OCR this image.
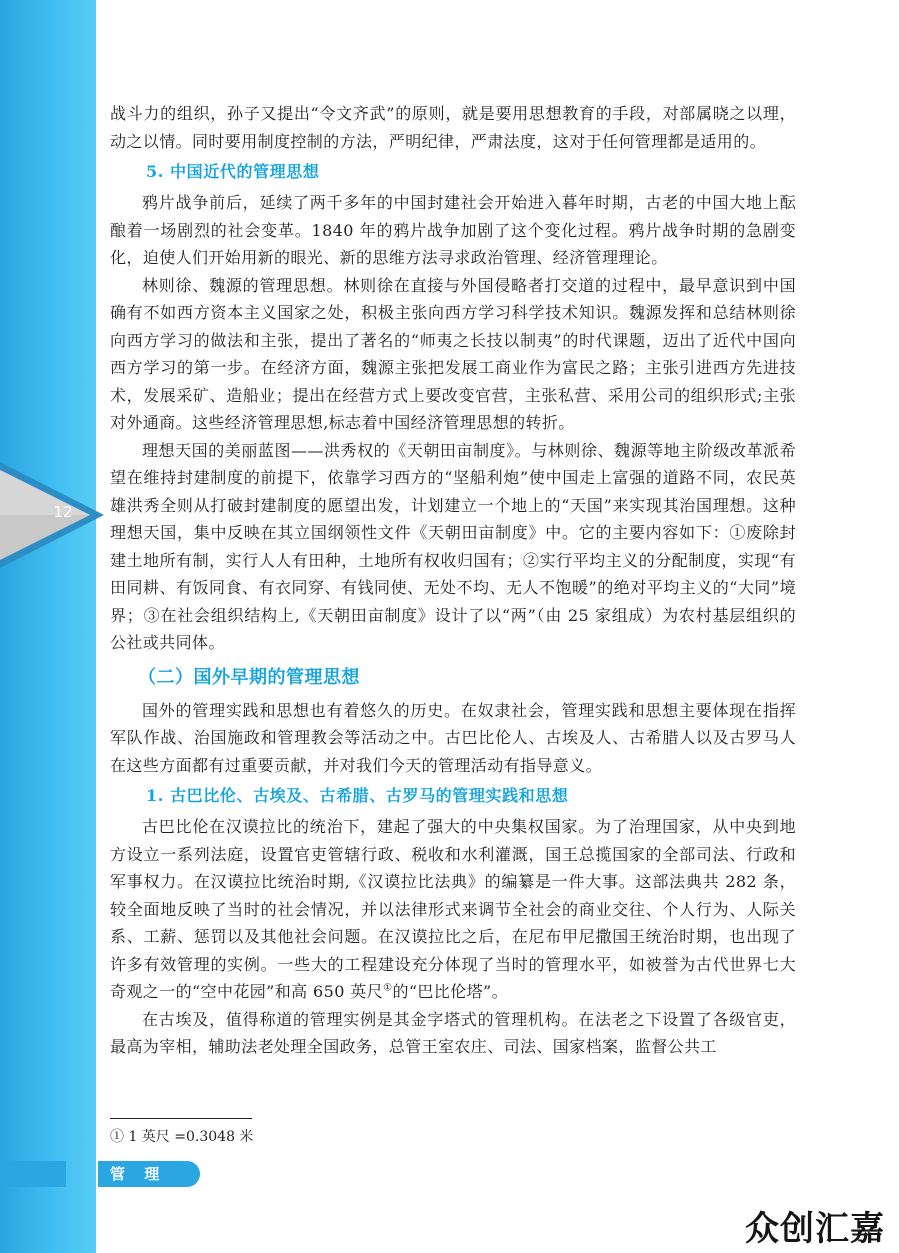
12

战斗力的组织，孙子又提出“令文齐武”的原则，就是要用思想教育的手段，对部属晓之以理，动之以情。同时要用制度控制的方法，严明纪律，严肃法度，这对于任何管理都是适用的。

5. 中国近代的管理思想

鸦片战争前后，延续了两千多年的中国封建社会开始进入暮年时期，古老的中国大地上酝酿着一场剧烈的社会变革。1840 年的鸦片战争加剧了这个变化过程。鸦片战争时期的急剧变化，迫使人们开始用新的眼光、新的思维方法寻求政治管理、经济管理理论。

林则徐、魏源的管理思想。林则徐在直接与外国侵略者打交道的过程中，最早意识到中国确有不如西方资本主义国家之处，积极主张向西方学习科学技术知识。魏源发挥和总结林则徐向西方学习的做法和主张，提出了著名的“师夷之长技以制夷”的时代课题，迈出了近代中国向西方学习的第一步。在经济方面，魏源主张把发展工商业作为富民之路；主张引进西方先进技术，发展采矿、造船业；提出在经营方式上要改变官营，主张私营、采用公司的组织形式;主张对外通商。这些经济管理思想,标志着中国经济管理思想的转折。

理想天国的美丽蓝图——洪秀权的《天朝田亩制度》。与林则徐、魏源等地主阶级改革派希望在维持封建制度的前提下，依靠学习西方的“坚船利炮”使中国走上富强的道路不同，农民英雄洪秀全则从打破封建制度的愿望出发，计划建立一个地上的“天国”来实现其治国理想。这种理想天国，集中反映在其立国纲领性文件《天朝田亩制度》中。它的主要内容如下：①废除封建土地所有制，实行人人有田种，土地所有权收归国有；②实行平均主义的分配制度，实现“有田同耕、有饭同食、有衣同穿、有钱同使、无处不均、无人不饱暖”的绝对平均主义的“大同”境界；③在社会组织结构上,《天朝田亩制度》设计了以“两”（由 25 家组成）为农村基层组织的公社或共同体。

（二）国外早期的管理思想

国外的管理实践和思想也有着悠久的历史。在奴隶社会，管理实践和思想主要体现在指挥军队作战、治国施政和管理教会等活动之中。古巴比伦人、古埃及人、古希腊人以及古罗马人在这些方面都有过重要贡献，并对我们今天的管理活动有指导意义。

1. 古巴比伦、古埃及、古希腊、古罗马的管理实践和思想

古巴比伦在汉谟拉比的统治下，建起了强大的中央集权国家。为了治理国家，从中央到地方设立一系列法庭，设置官吏管辖行政、税收和水利灌溉，国王总揽国家的全部司法、行政和军事权力。在汉谟拉比统治时期,《汉谟拉比法典》的编纂是一件大事。这部法典共 282 条，较全面地反映了当时的社会情况，并以法律形式来调节全社会的商业交往、个人行为、人际关系、工薪、惩罚以及其他社会问题。在汉谟拉比之后，在尼布甲尼撒国王统治时期，也出现了许多有效管理的实例。一些大的工程建设充分体现了当时的管理水平，如被誉为古代世界七大奇观之一的“空中花园”和高 650 英尺①的“巴比伦塔”。

在古埃及，值得称道的管理实例是其金字塔式的管理机构。在法老之下设置了各级官吏，最高为宰相，辅助法老处理全国政务，总管王室农庄、司法、国家档案，监督公共工

① 1 英尺 =0.3048 米
管 理 学
众创汇嘉
